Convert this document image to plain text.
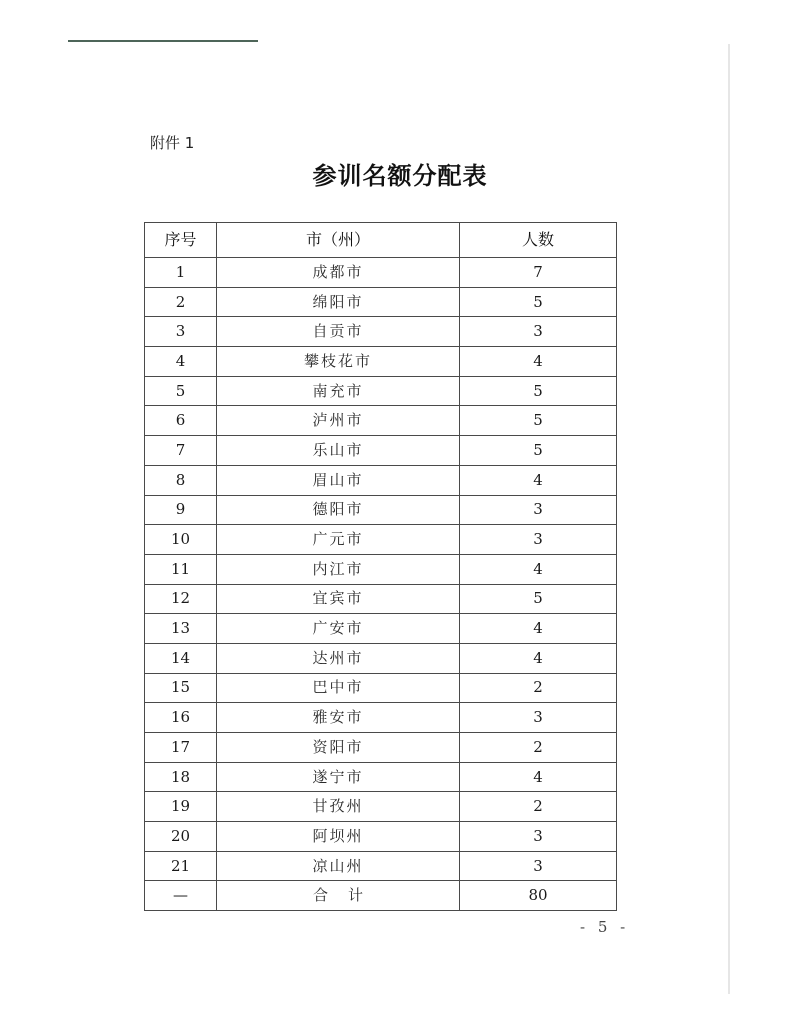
附件 1
参训名额分配表
序号	市（州）	人数
1	成都市	7
2	绵阳市	5
3	自贡市	3
4	攀枝花市	4
5	南充市	5
6	泸州市	5
7	乐山市	5
8	眉山市	4
9	德阳市	3
10	广元市	3
11	内江市	4
12	宜宾市	5
13	广安市	4
14	达州市	4
15	巴中市	2
16	雅安市	3
17	资阳市	2
18	遂宁市	4
19	甘孜州	2
20	阿坝州	3
21	凉山州	3
—	合计	80
- 5 -
